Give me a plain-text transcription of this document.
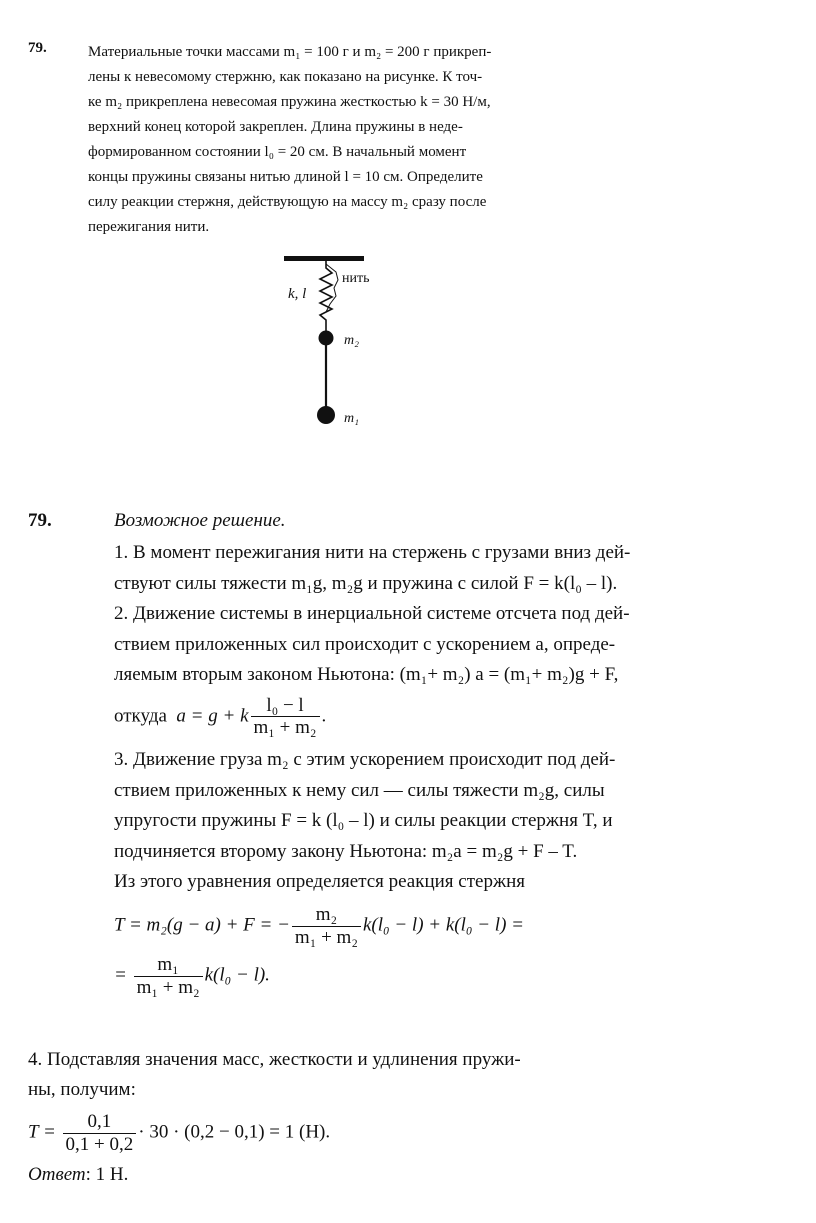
79.	Материальные точки массами m₁ = 100 г и m₂ = 200 г прикреп-

лены к невесомому стержню, как показано на рисунке. К точ-

ке m₂ прикреплена невесомая пружина жесткостью k = 30 Н/м,

верхний конец которой закреплен. Длина пружины в неде-

формированном состоянии l₀ = 20 см. В начальный момент

концы пружины связаны нитью длиной l = 10 см. Определите

силу реакции стержня, действующую на массу m₂ сразу после

пережигания нити.

нить
k, l
m₂
m₁
79.	Возможное решение.

1. В момент пережигания нити на стержень с грузами вниз дей-

ствуют силы тяжести m₁g, m₂g и пружина с силой F = k(l₀ – l).

2. Движение системы в инерциальной системе отсчета под дей-

ствием приложенных сил происходит с ускорением a, опреде-

ляемым вторым законом Ньютона: (m₁+ m₂) a = (m₁+ m₂)g + F,

откуда a = g + k $\frac{\text{l₀ − l}}{\text{m₁ + m₂}}$ .

3. Движение груза m₂ с этим ускорением происходит под дей-

ствием приложенных к нему сил — силы тяжести m₂g, силы

упругости пружины F = k (l₀ – l) и силы реакции стержня T, и

подчиняется второму закону Ньютона: m₂a = m₂g + F – T.

Из этого уравнения определяется реакция стержня

T = m₂(g − a) + F = − $\frac{\text{m₂}}{\text{m₁ + m₂}} k(l_0 - l) + k(l_0 - l)$ =

= $\frac{\text{m₁}}{\text{m₁ + m₂}} k(l_0 - l)$.

4. Подставляя значения масс, жесткости и удлинения пружи-

ны, получим:

$T = \frac{0,1}{0,1 + 0,2} \cdot 30 \cdot (0,2 - 0,1) = 1$ (Н).

Ответ: 1 Н.
